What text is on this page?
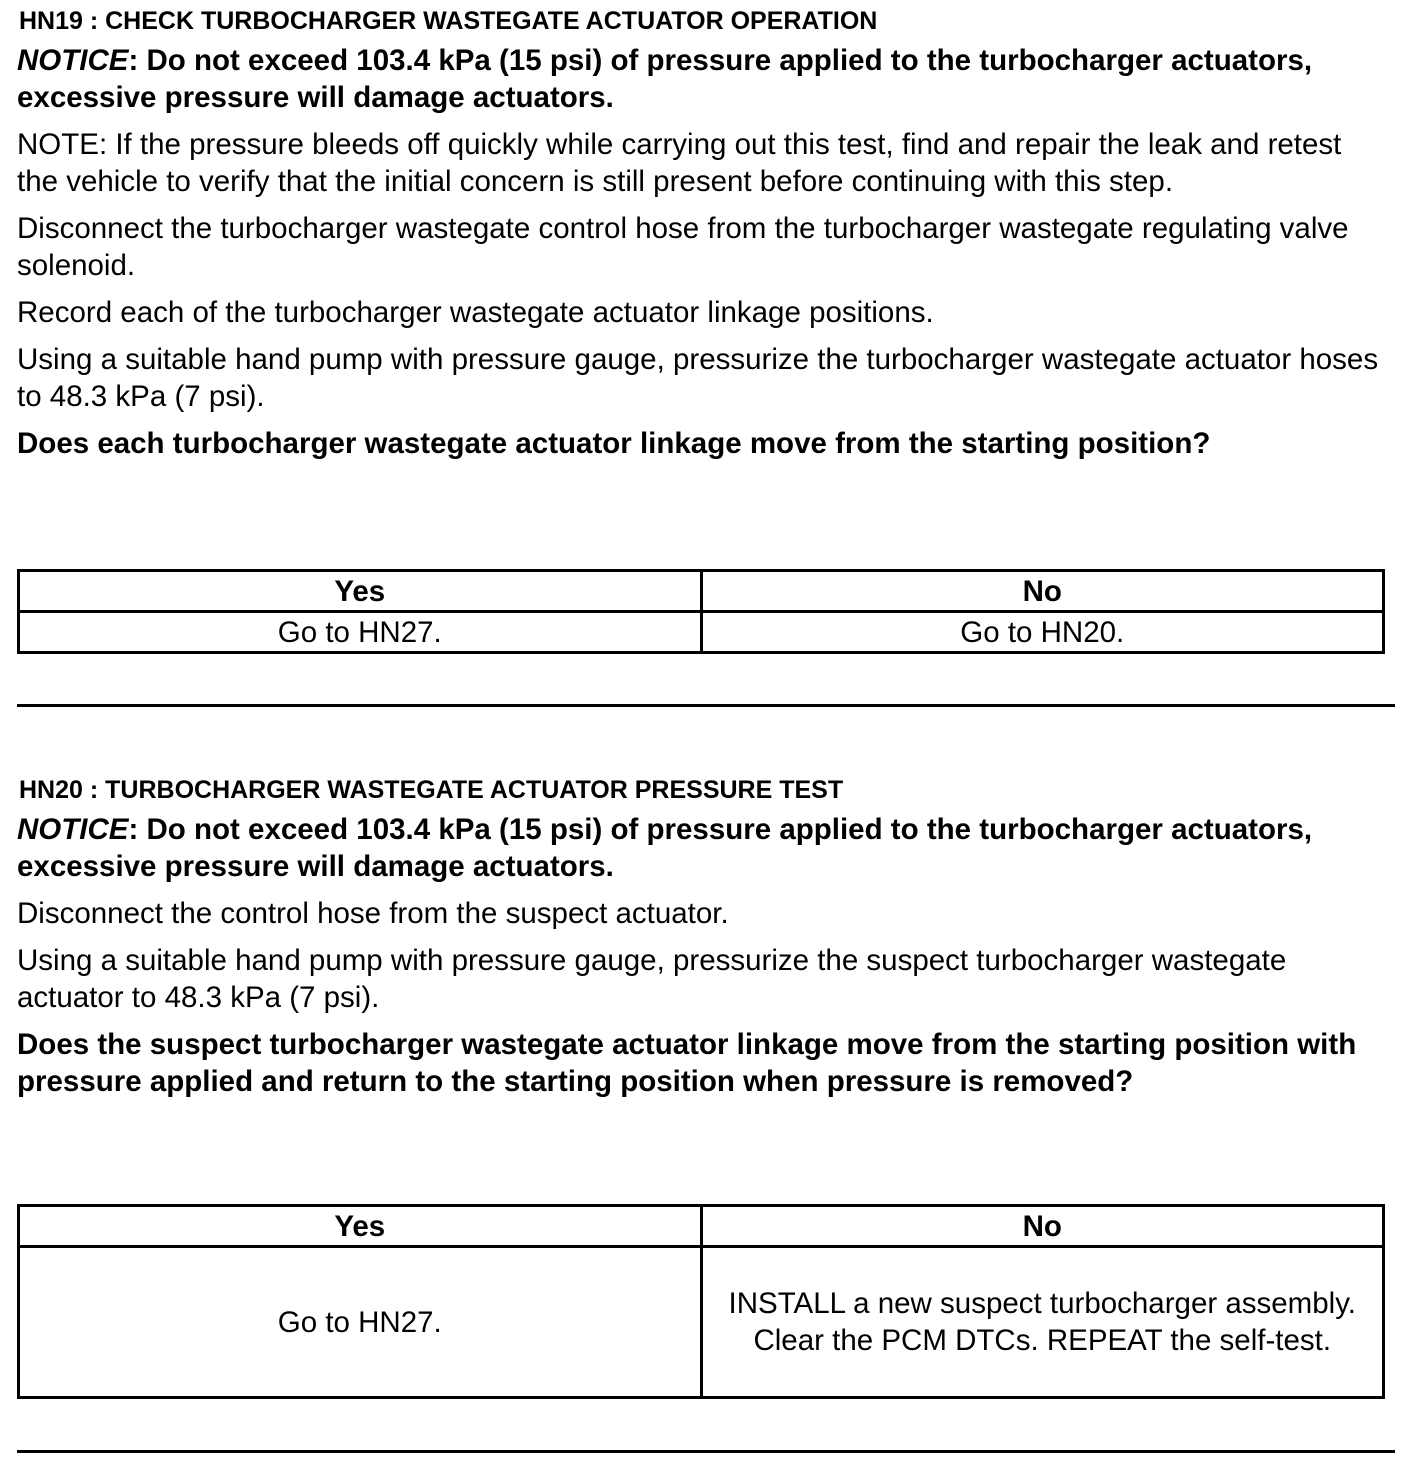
HN19 : CHECK TURBOCHARGER WASTEGATE ACTUATOR OPERATION
NOTICE: Do not exceed 103.4 kPa (15 psi) of pressure applied to the turbocharger actuators, excessive pressure will damage actuators.
NOTE: If the pressure bleeds off quickly while carrying out this test, find and repair the leak and retest the vehicle to verify that the initial concern is still present before continuing with this step.
Disconnect the turbocharger wastegate control hose from the turbocharger wastegate regulating valve solenoid.
Record each of the turbocharger wastegate actuator linkage positions.
Using a suitable hand pump with pressure gauge, pressurize the turbocharger wastegate actuator hoses to 48.3 kPa (7 psi).
Does each turbocharger wastegate actuator linkage move from the starting position?
Yes	No
Go to HN27.	Go to HN20.
HN20 : TURBOCHARGER WASTEGATE ACTUATOR PRESSURE TEST
NOTICE: Do not exceed 103.4 kPa (15 psi) of pressure applied to the turbocharger actuators, excessive pressure will damage actuators.
Disconnect the control hose from the suspect actuator.
Using a suitable hand pump with pressure gauge, pressurize the suspect turbocharger wastegate actuator to 48.3 kPa (7 psi).
Does the suspect turbocharger wastegate actuator linkage move from the starting position with pressure applied and return to the starting position when pressure is removed?
Yes	No
Go to HN27.	INSTALL a new suspect turbocharger assembly.
Clear the PCM DTCs. REPEAT the self-test.
